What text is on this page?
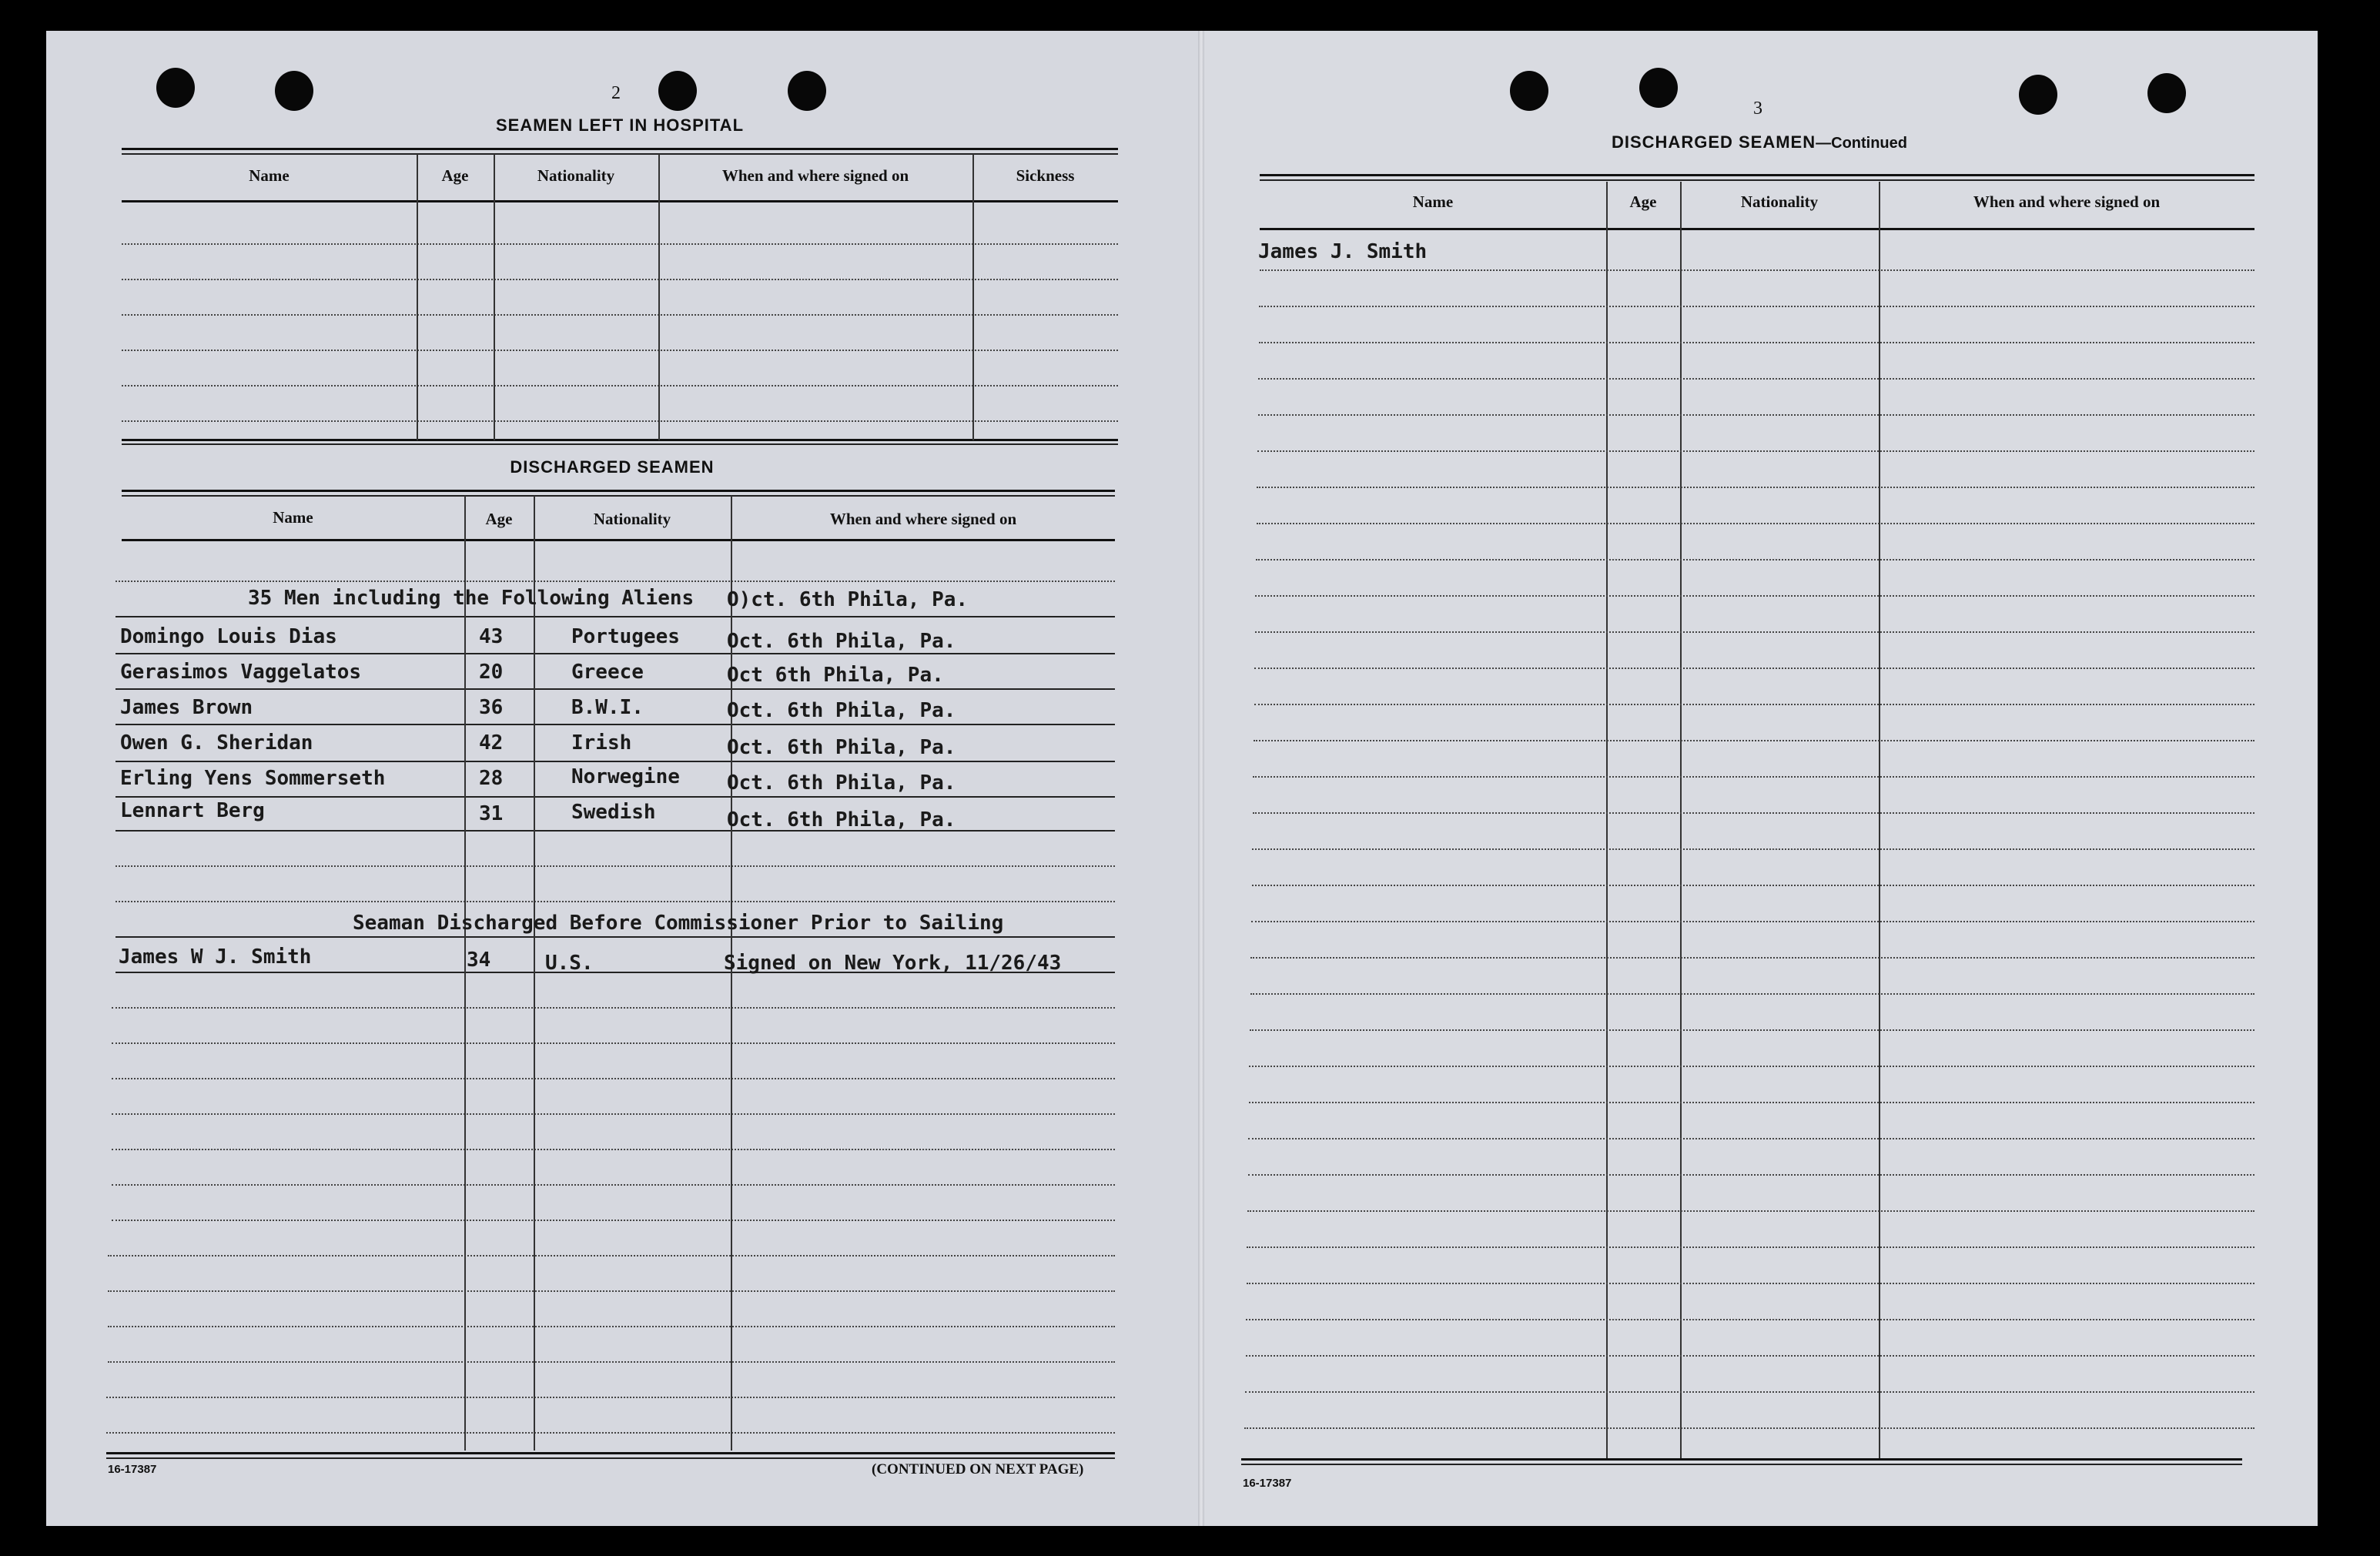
2
SEAMEN LEFT IN HOSPITAL
Name	Age	Nationality	When and where signed on	Sickness
DISCHARGED SEAMEN
Name	Age	Nationality	When and where signed on
35 Men including the Following Aliens O)ct. 6th Phila, Pa.
Domingo Louis Dias	43	Portugees Oct. 6th Phila, Pa.
Gerasimos Vaggelatos	20	Greece	Oct 6th Phila, Pa.
James Brown	36	B.W.I.	Oct. 6th Phila, Pa.
Owen G. Sheridan	42	Irish	Oct. 6th Phila, Pa.
Erling Yens Sommerseth	28	Norwegine Oct. 6th Phila, Pa.
Lennart Berg	31	Swedish	Oct. 6th Phila, Pa.
Seaman Discharged Before Commissioner Prior to Sailing
James W J. Smith	34	U.S.	Signed on New York, 11/26/43
16-17387	(CONTINUED ON NEXT PAGE)
3
DISCHARGED SEAMEN—Continued
Name	Age	Nationality	When and where signed on
James J. Smith
16-17387
